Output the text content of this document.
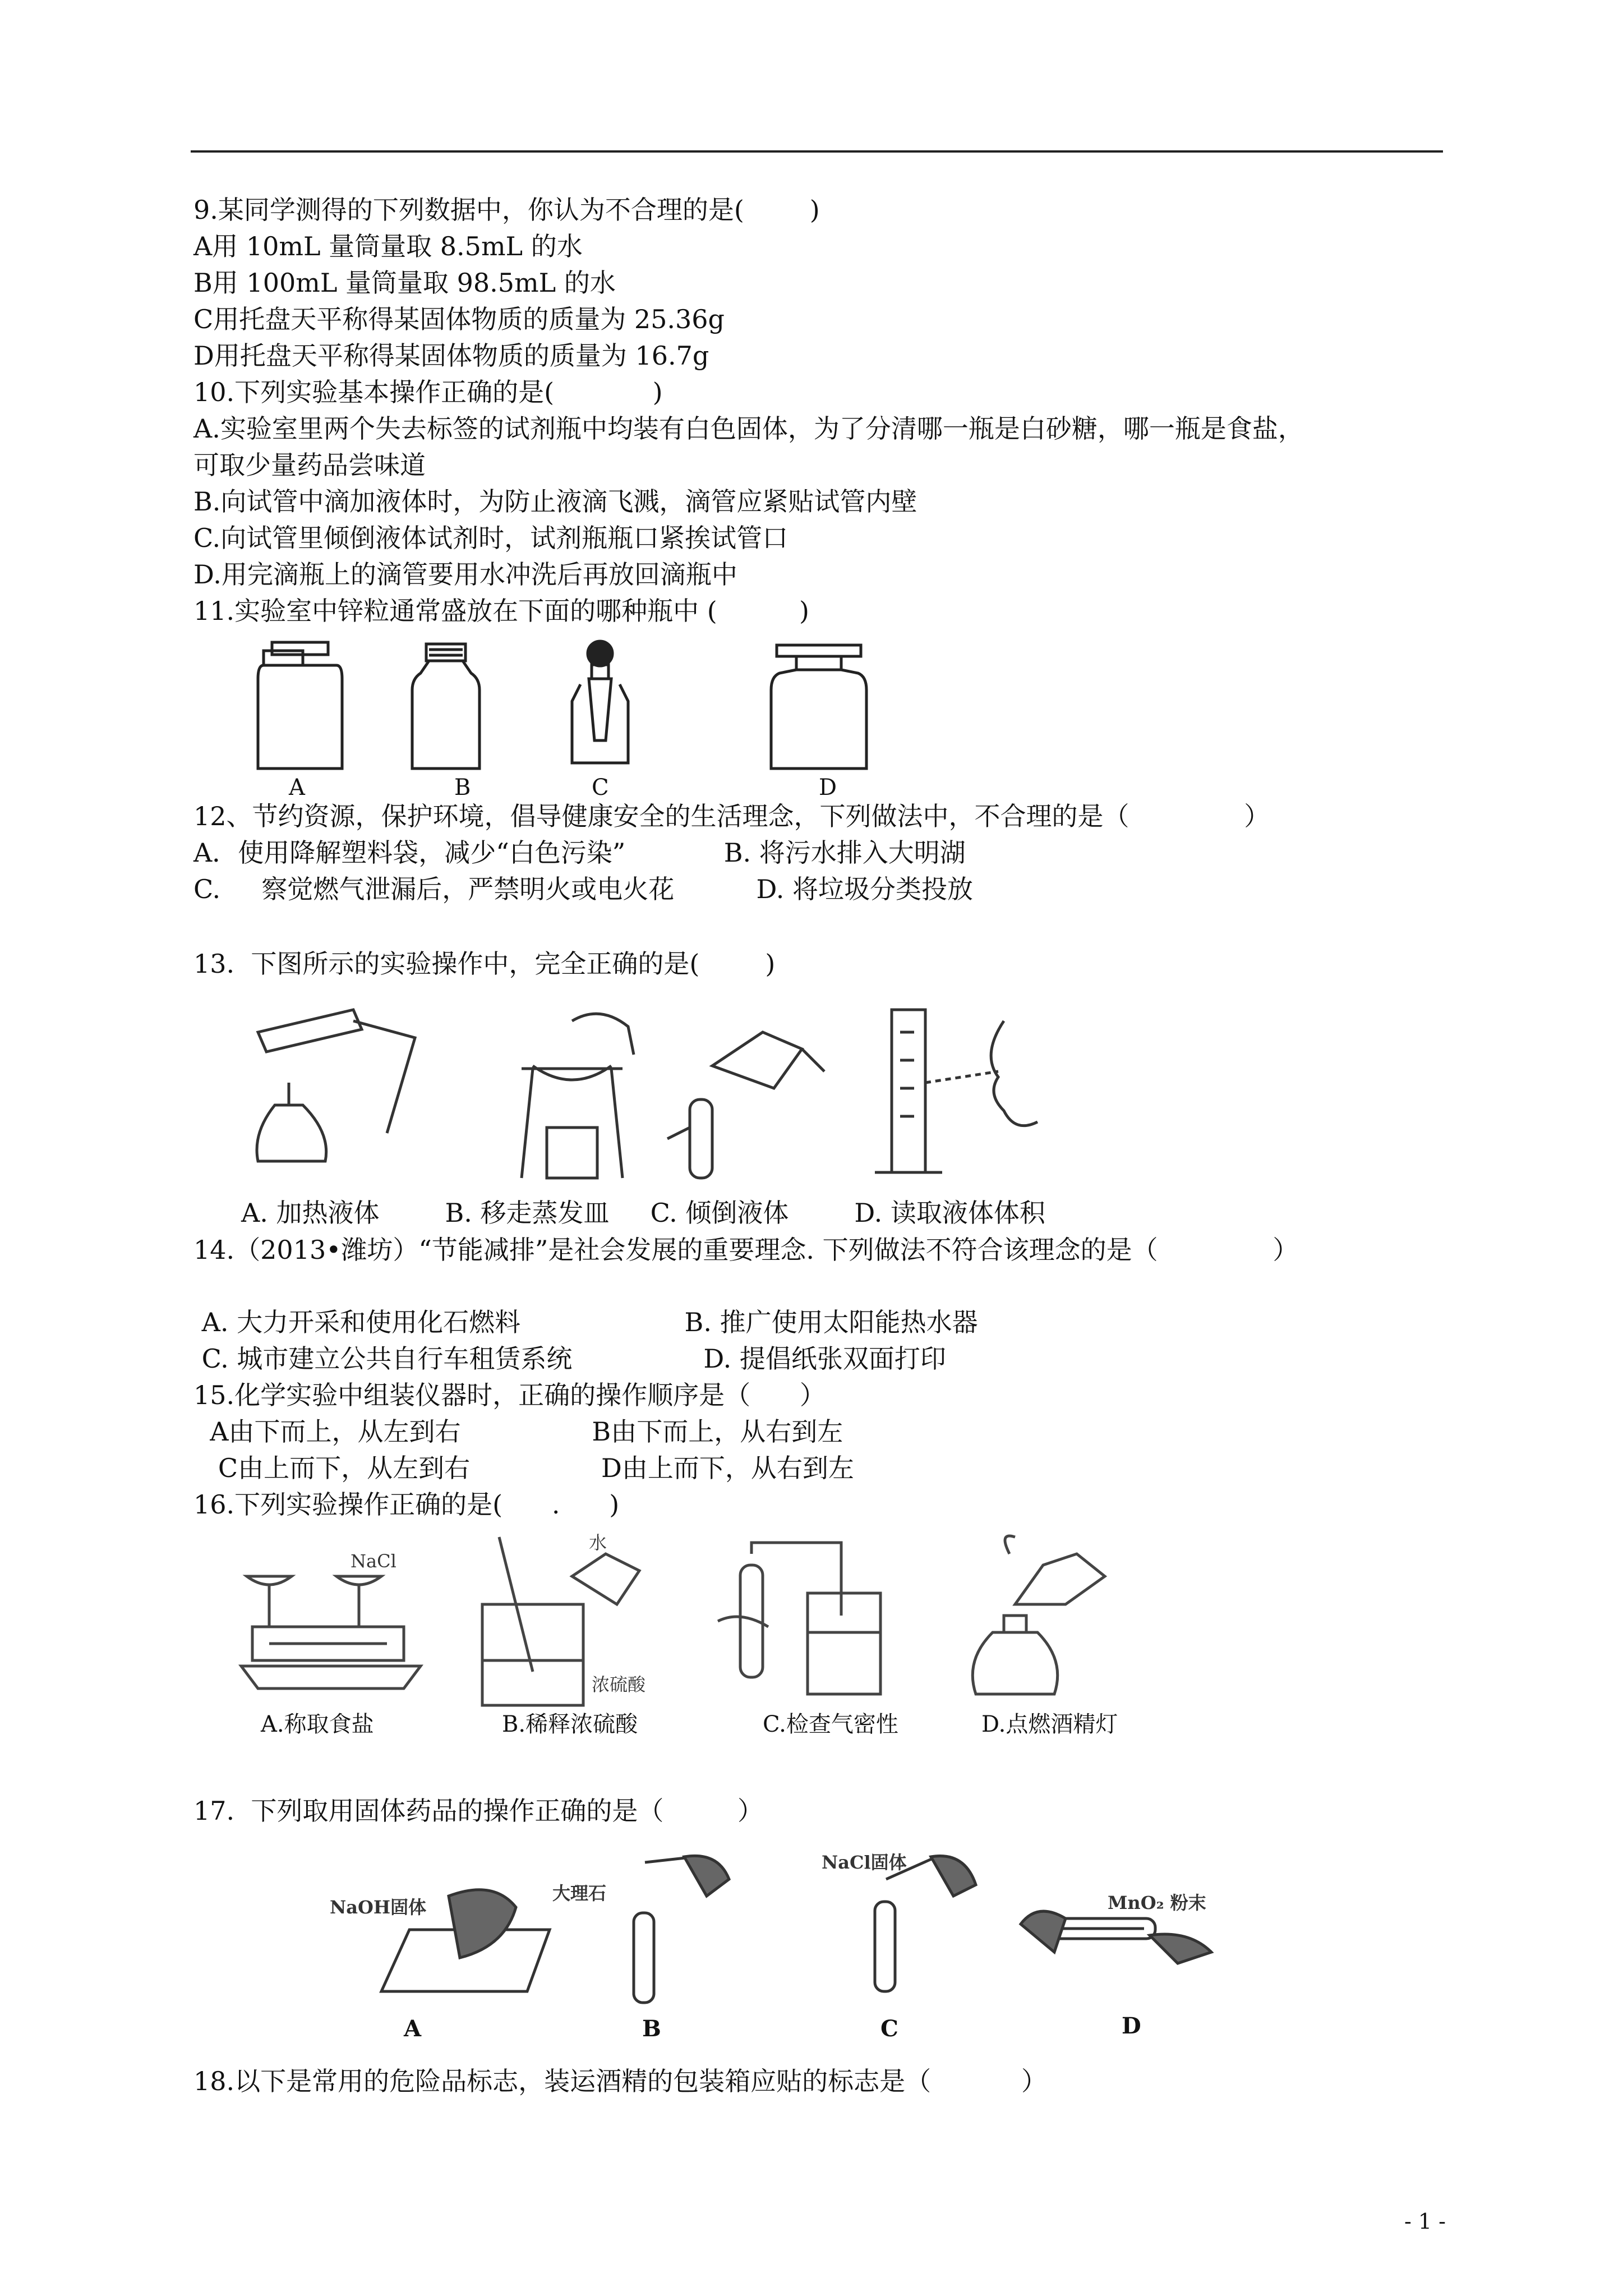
9.某同学测得的下列数据中，你认为不合理的是(        )
A用 10mL 量筒量取 8.5mL 的水
B用 100mL 量筒量取 98.5mL 的水
C用托盘天平称得某固体物质的质量为 25.36g
D用托盘天平称得某固体物质的质量为 16.7g
10.下列实验基本操作正确的是(            )
A.实验室里两个失去标签的试剂瓶中均装有白色固体，为了分清哪一瓶是白砂糖，哪一瓶是食盐，
可取少量药品尝味道
B.向试管中滴加液体时，为防止液滴飞溅，滴管应紧贴试管内壁
C.向试管里倾倒液体试剂时，试剂瓶瓶口紧挨试管口
D.用完滴瓶上的滴管要用水冲洗后再放回滴瓶中
11.实验室中锌粒通常盛放在下面的哪种瓶中 (          )
A	B	C	D
12、节约资源，保护环境，倡导健康安全的生活理念，下列做法中，不合理的是（              ）
A．使用降解塑料袋，减少“白色污染”            B. 将污水排入大明湖
C.     察觉燃气泄漏后，严禁明火或电火花          D. 将垃圾分类投放
13.  下图所示的实验操作中，完全正确的是(        )
A. 加热液体        B. 移走蒸发皿     C. 倾倒液体        D. 读取液体体积
14.（2013•潍坊）“节能减排”是社会发展的重要理念. 下列做法不符合该理念的是（              ）
A. 大力开采和使用化石燃料                    B. 推广使用太阳能热水器
C. 城市建立公共自行车租赁系统                D. 提倡纸张双面打印
15.化学实验中组装仪器时，正确的操作顺序是（      ）
A由下而上，从左到右                B由下而上，从右到左
C由上而下，从左到右                D由上而下，从右到左
16.下列实验操作正确的是(      .      )
NaCl
水
浓硫酸
A.称取食盐	B.稀释浓硫酸	C.检查气密性	D.点燃酒精灯
17.  下列取用固体药品的操作正确的是（         ）
NaOH固体
大理石
NaCl固体
MnO₂ 粉末
A	B	C	D
18.以下是常用的危险品标志，装运酒精的包装箱应贴的标志是（           ）
- 1 -
